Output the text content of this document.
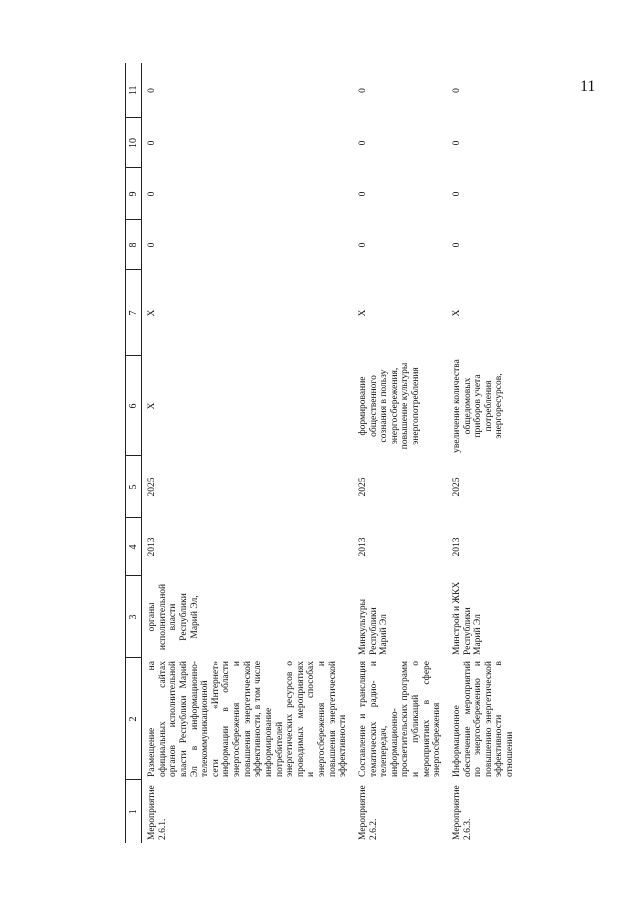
11
1	2	3	4	5	6	7	8	9	10	11
Мероприятие 2.6.1.	Размещение на официальных сайтах органов исполнительной власти Республики Марий Эл в информационно-телекоммуникационной сети «Интернет» информации в области энергосбережения и повышения энергетической эффективности, в том числе информирование потребителей энергетических ресурсов о проводимых мероприятиях и способах энергосбережения и повышения энергетической эффективности	органы исполнительной власти Республики Марий Эл,	2013	2025	X	X	0	0	0	0
Мероприятие 2.6.2.	Составление и трансляция тематических радио- и телепередач, информационно-просветительских программ и публикаций о мероприятиях в сфере энергосбережения	Минкультуры Республики Марий Эл	2013	2025	формирование общественного сознания в пользу энергосбережения, повышение культуры энергопотребления	X	0	0	0	0
Мероприятие 2.6.3.	Информационное обеспечение мероприятий по энергосбережению и повышению энергетической эффективности в отношении	Минстрой и ЖКХ Республики Марий Эл	2013	2025	увеличение количества общедомовых приборов учета потребления энергоресурсов,	X	0	0	0	0
